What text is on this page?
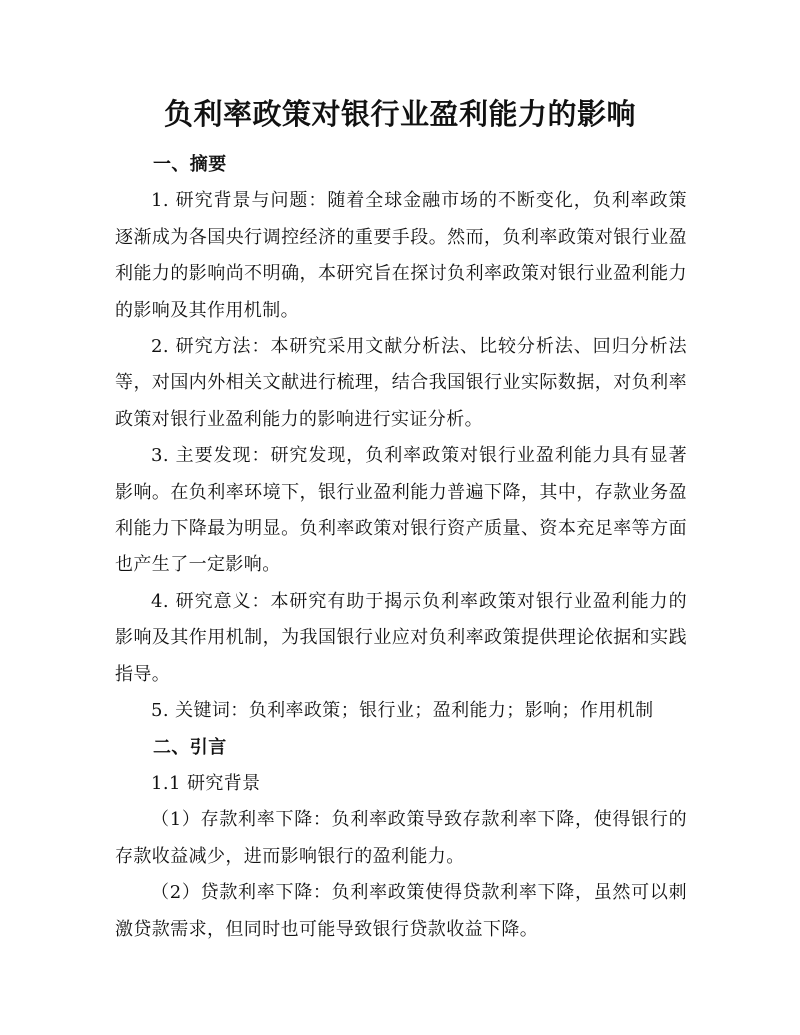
负利率政策对银行业盈利能力的影响
一、摘要

1. 研究背景与问题：随着全球金融市场的不断变化，负利率政策逐渐成为各国央行调控经济的重要手段。然而，负利率政策对银行业盈利能力的影响尚不明确，本研究旨在探讨负利率政策对银行业盈利能力的影响及其作用机制。

2. 研究方法：本研究采用文献分析法、比较分析法、回归分析法等，对国内外相关文献进行梳理，结合我国银行业实际数据，对负利率政策对银行业盈利能力的影响进行实证分析。

3. 主要发现：研究发现，负利率政策对银行业盈利能力具有显著影响。在负利率环境下，银行业盈利能力普遍下降，其中，存款业务盈利能力下降最为明显。负利率政策对银行资产质量、资本充足率等方面也产生了一定影响。

4. 研究意义：本研究有助于揭示负利率政策对银行业盈利能力的影响及其作用机制，为我国银行业应对负利率政策提供理论依据和实践指导。

5. 关键词：负利率政策；银行业；盈利能力；影响；作用机制

二、引言

1.1 研究背景

（1）存款利率下降：负利率政策导致存款利率下降，使得银行的存款收益减少，进而影响银行的盈利能力。

（2）贷款利率下降：负利率政策使得贷款利率下降，虽然可以刺激贷款需求，但同时也可能导致银行贷款收益下降。
